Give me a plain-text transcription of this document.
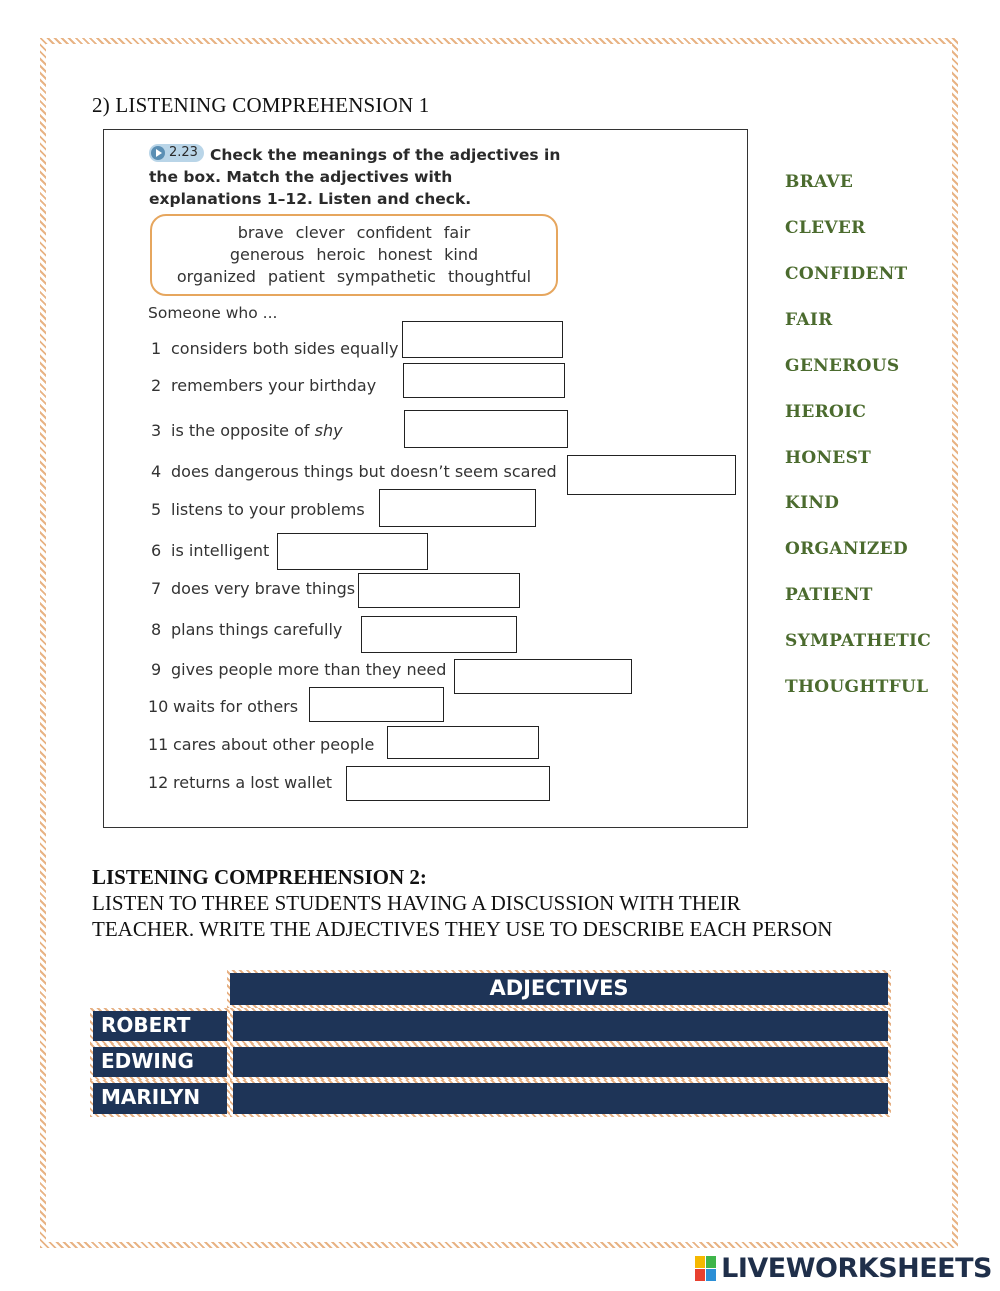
2) LISTENING COMPREHENSION 1
2.23 Check the meanings of the adjectives in the box. Match the adjectives with explanations 1–12. Listen and check.
brave clever confident fair
generous heroic honest kind
organized patient sympathetic thoughtful
Someone who ...
1 considers both sides equally
2 remembers your birthday
3 is the opposite of shy
4 does dangerous things but doesn’t seem scared
5 listens to your problems
6 is intelligent
7 does very brave things
8 plans things carefully
9 gives people more than they need
10 waits for others
11 cares about other people
12 returns a lost wallet
BRAVE
CLEVER
CONFIDENT
FAIR
GENEROUS
HEROIC
HONEST
KIND
ORGANIZED
PATIENT
SYMPATHETIC
THOUGHTFUL
LISTENING COMPREHENSION 2:
LISTEN TO THREE STUDENTS HAVING A DISCUSSION WITH THEIR
TEACHER. WRITE THE ADJECTIVES THEY USE TO DESCRIBE EACH PERSON
ADJECTIVES
ROBERT
EDWING
MARILYN
LIVEWORKSHEETS
